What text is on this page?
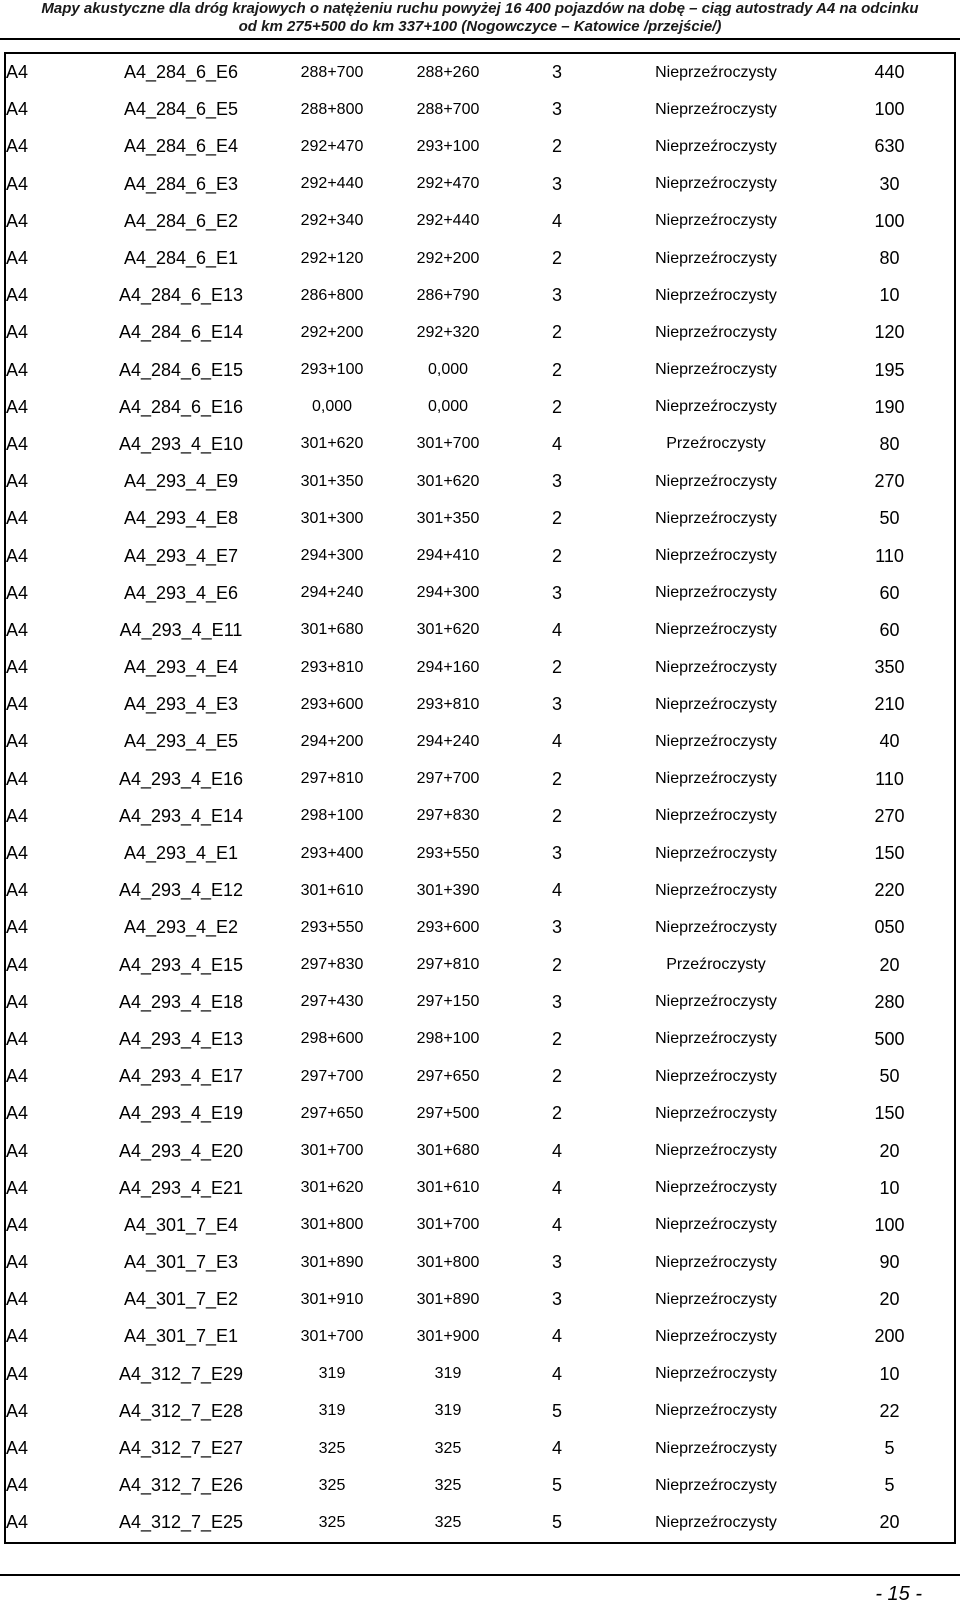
Mapy akustyczne dla dróg krajowych o natężeniu ruchu powyżej 16 400 pojazdów na dobę – ciąg autostrady A4 na odcinku
od km 275+500 do km 337+100 (Nogowczyce – Katowice /przejście/)
A4	A4_284_6_E6	288+700	288+260	3	Nieprzeźroczysty	440
A4	A4_284_6_E5	288+800	288+700	3	Nieprzeźroczysty	100
A4	A4_284_6_E4	292+470	293+100	2	Nieprzeźroczysty	630
A4	A4_284_6_E3	292+440	292+470	3	Nieprzeźroczysty	30
A4	A4_284_6_E2	292+340	292+440	4	Nieprzeźroczysty	100
A4	A4_284_6_E1	292+120	292+200	2	Nieprzeźroczysty	80
A4	A4_284_6_E13	286+800	286+790	3	Nieprzeźroczysty	10
A4	A4_284_6_E14	292+200	292+320	2	Nieprzeźroczysty	120
A4	A4_284_6_E15	293+100	0,000	2	Nieprzeźroczysty	195
A4	A4_284_6_E16	0,000	0,000	2	Nieprzeźroczysty	190
A4	A4_293_4_E10	301+620	301+700	4	Przeźroczysty	80
A4	A4_293_4_E9	301+350	301+620	3	Nieprzeźroczysty	270
A4	A4_293_4_E8	301+300	301+350	2	Nieprzeźroczysty	50
A4	A4_293_4_E7	294+300	294+410	2	Nieprzeźroczysty	110
A4	A4_293_4_E6	294+240	294+300	3	Nieprzeźroczysty	60
A4	A4_293_4_E11	301+680	301+620	4	Nieprzeźroczysty	60
A4	A4_293_4_E4	293+810	294+160	2	Nieprzeźroczysty	350
A4	A4_293_4_E3	293+600	293+810	3	Nieprzeźroczysty	210
A4	A4_293_4_E5	294+200	294+240	4	Nieprzeźroczysty	40
A4	A4_293_4_E16	297+810	297+700	2	Nieprzeźroczysty	110
A4	A4_293_4_E14	298+100	297+830	2	Nieprzeźroczysty	270
A4	A4_293_4_E1	293+400	293+550	3	Nieprzeźroczysty	150
A4	A4_293_4_E12	301+610	301+390	4	Nieprzeźroczysty	220
A4	A4_293_4_E2	293+550	293+600	3	Nieprzeźroczysty	050
A4	A4_293_4_E15	297+830	297+810	2	Przeźroczysty	20
A4	A4_293_4_E18	297+430	297+150	3	Nieprzeźroczysty	280
A4	A4_293_4_E13	298+600	298+100	2	Nieprzeźroczysty	500
A4	A4_293_4_E17	297+700	297+650	2	Nieprzeźroczysty	50
A4	A4_293_4_E19	297+650	297+500	2	Nieprzeźroczysty	150
A4	A4_293_4_E20	301+700	301+680	4	Nieprzeźroczysty	20
A4	A4_293_4_E21	301+620	301+610	4	Nieprzeźroczysty	10
A4	A4_301_7_E4	301+800	301+700	4	Nieprzeźroczysty	100
A4	A4_301_7_E3	301+890	301+800	3	Nieprzeźroczysty	90
A4	A4_301_7_E2	301+910	301+890	3	Nieprzeźroczysty	20
A4	A4_301_7_E1	301+700	301+900	4	Nieprzeźroczysty	200
A4	A4_312_7_E29	319	319	4	Nieprzeźroczysty	10
A4	A4_312_7_E28	319	319	5	Nieprzeźroczysty	22
A4	A4_312_7_E27	325	325	4	Nieprzeźroczysty	5
A4	A4_312_7_E26	325	325	5	Nieprzeźroczysty	5
A4	A4_312_7_E25	325	325	5	Nieprzeźroczysty	20
- 15 -
